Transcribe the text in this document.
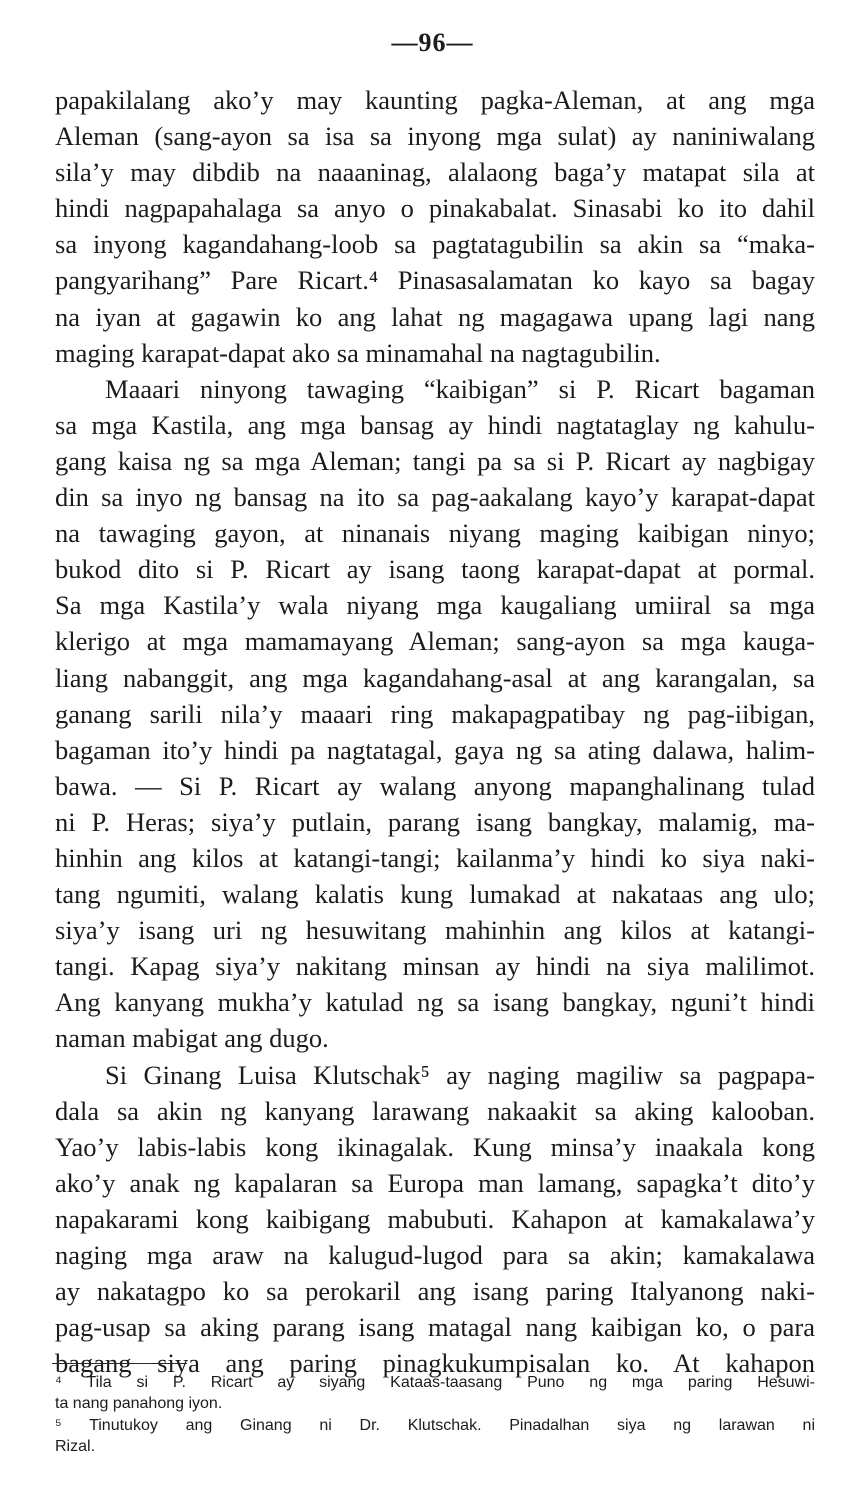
—96—
papakilalang ako’y may kaunting pagka-Aleman, at ang mga
Aleman (sang-ayon sa isa sa inyong mga sulat) ay naniniwalang
sila’y may dibdib na naaaninag, alalaong baga’y matapat sila at
hindi nagpapahalaga sa anyo o pinakabalat. Sinasabi ko ito dahil
sa inyong kagandahang-loob sa pagtatagubilin sa akin sa “maka-
pangyarihang” Pare Ricart.⁴ Pinasasalamatan ko kayo sa bagay
na iyan at gagawin ko ang lahat ng magagawa upang lagi nang
maging karapat-dapat ako sa minamahal na nagtagubilin.
Maaari ninyong tawaging “kaibigan” si P. Ricart bagaman
sa mga Kastila, ang mga bansag ay hindi nagtataglay ng kahulu-
gang kaisa ng sa mga Aleman; tangi pa sa si P. Ricart ay nagbigay
din sa inyo ng bansag na ito sa pag-aakalang kayo’y karapat-dapat
na tawaging gayon, at ninanais niyang maging kaibigan ninyo;
bukod dito si P. Ricart ay isang taong karapat-dapat at pormal.
Sa mga Kastila’y wala niyang mga kaugaliang umiiral sa mga
klerigo at mga mamamayang Aleman; sang-ayon sa mga kauga-
liang nabanggit, ang mga kagandahang-asal at ang karangalan, sa
ganang sarili nila’y maaari ring makapagpatibay ng pag-iibigan,
bagaman ito’y hindi pa nagtatagal, gaya ng sa ating dalawa, halim-
bawa. — Si P. Ricart ay walang anyong mapanghalinang tulad
ni P. Heras; siya’y putlain, parang isang bangkay, malamig, ma-
hinhin ang kilos at katangi-tangi; kailanma’y hindi ko siya naki-
tang ngumiti, walang kalatis kung lumakad at nakataas ang ulo;
siya’y isang uri ng hesuwitang mahinhin ang kilos at katangi-
tangi. Kapag siya’y nakitang minsan ay hindi na siya malilimot.
Ang kanyang mukha’y katulad ng sa isang bangkay, nguni’t hindi
naman mabigat ang dugo.
Si Ginang Luisa Klutschak⁵ ay naging magiliw sa pagpapa-
dala sa akin ng kanyang larawang nakaakit sa aking kalooban.
Yao’y labis-labis kong ikinagalak. Kung minsa’y inaakala kong
ako’y anak ng kapalaran sa Europa man lamang, sapagka’t dito’y
napakarami kong kaibigang mabubuti. Kahapon at kamakalawa’y
naging mga araw na kalugud-lugod para sa akin; kamakalawa
ay nakatagpo ko sa perokaril ang isang paring Italyanong naki-
pag-usap sa aking parang isang matagal nang kaibigan ko, o para
bagang siya ang paring pinagkukumpisalan ko. At kahapon
⁴ Tila si P. Ricart ay siyang Kataas-taasang Puno ng mga paring Hesuwi-
ta nang panahong iyon.
⁵ Tinutukoy ang Ginang ni Dr. Klutschak. Pinadalhan siya ng larawan ni
Rizal.
